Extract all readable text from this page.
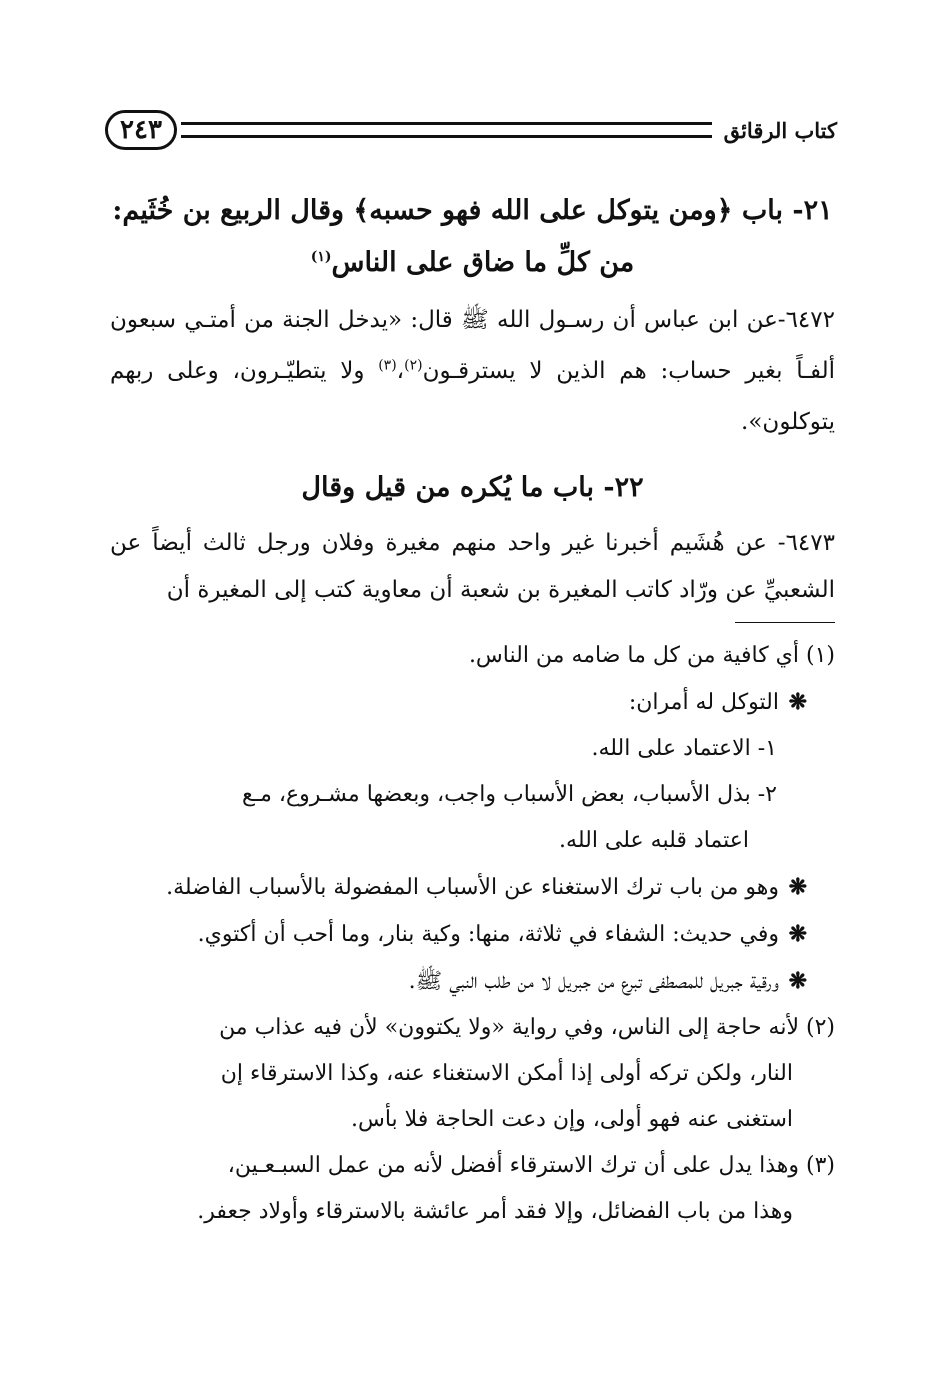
كتاب الرقائق
٢٤٣
٢١- باب ﴿ومن يتوكل على الله فهو حسبه﴾ وقال الربيع بن خُثَيم:
من كلِّ ما ضاق على الناس$^{(١)}$

٦٤٧٢-عن ابن عباس أن رسـول الله ﷺ قال: «يدخل الجنة من أمتـي سبعون ألفـاً بغير حساب: هم الذين لا يسترقـون$^{(٢)}$،$^{(٣)}$ ولا يتطيّـرون، وعلى ربهم يتوكلون».

٢٢- باب ما يُكره من قيل وقال

٦٤٧٣- عن هُشَيم أخبرنا غير واحد منهم مغيرة وفلان ورجل ثالث أيضاً عن الشعبيِّ عن ورّاد كاتب المغيرة بن شعبة أن معاوية كتب إلى المغيرة أن

(١) أي كافية من كل ما ضامه من الناس.

❋التوكل له أمران:

١- الاعتماد على الله.

٢- بذل الأسباب، بعض الأسباب واجب، وبعضها مشـروع، مـع

اعتماد قلبه على الله.

❋وهو من باب ترك الاستغناء عن الأسباب المفضولة بالأسباب الفاضلة.

❋وفي حديث: الشفاء في ثلاثة، منها: وكية بنار، وما أحب أن أكتوي.

❋ورقية جبريل للمصطفى تبرع من جبريل لا من طلب النبي ﷺ.

(٢) لأنه حاجة إلى الناس، وفي رواية «ولا يكتوون» لأن فيه عذاب من

النار، ولكن تركه أولى إذا أمكن الاستغناء عنه، وكذا الاسترقاء إن

استغنى عنه فهو أولى، وإن دعت الحاجة فلا بأس.

(٣) وهذا يدل على أن ترك الاسترقاء أفضل لأنه من عمل السبـعـين،

وهذا من باب الفضائل، وإلا فقد أمر عائشة بالاسترقاء وأولاد جعفر.
